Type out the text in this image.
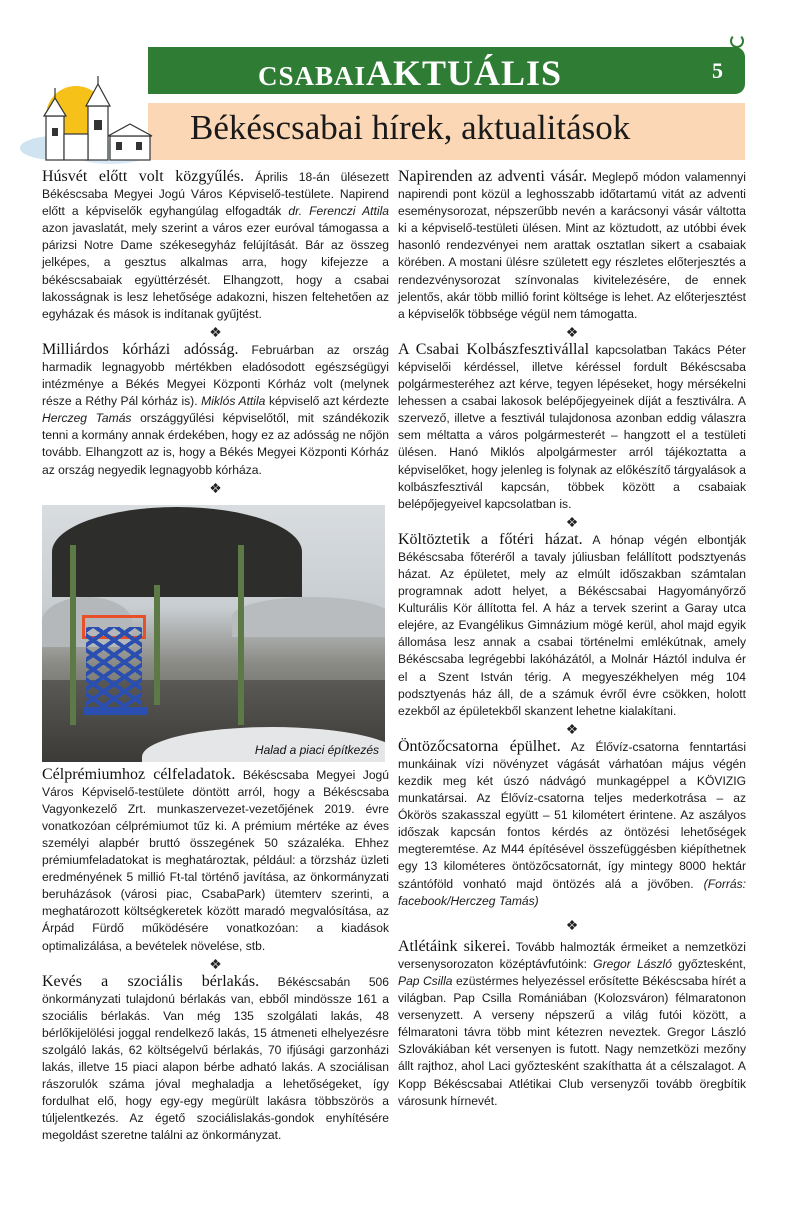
CSABAIAKTUÁLIS	5
Békéscsabai hírek, aktualitások
Húsvét előtt volt közgyűlés. Április 18-án ülésezett Békéscsaba Megyei Jogú Város Képviselő-testülete. Napirend előtt a képviselők egyhangúlag elfogadták dr. Ferenczi Attila azon javaslatát, mely szerint a város ezer euróval támogassa a párizsi Notre Dame székesegyház felújítását. Bár az összeg jelképes, a gesztus alkalmas arra, hogy kifejezze a békéscsabaiak együttérzését. Elhangzott, hogy a csabai lakosságnak is lesz lehetősége adakozni, hiszen feltehetően az egyházak és mások is indítanak gyűjtést.
❖
Milliárdos kórházi adósság. Februárban az ország harmadik legnagyobb mértékben eladósodott egészségügyi intézménye a Békés Megyei Központi Kórház volt (melynek része a Réthy Pál kórház is). Miklós Attila képviselő azt kérdezte Herczeg Tamás országgyűlési képviselőtől, mit szándékozik tenni a kormány annak érdekében, hogy ez az adósság ne nőjön tovább. Elhangzott az is, hogy a Békés Megyei Központi Kórház az ország negyedik legnagyobb kórháza.
❖
Halad a piaci építkezés
Célprémiumhoz célfeladatok. Békéscsaba Megyei Jogú Város Képviselő-testülete döntött arról, hogy a Békéscsaba Vagyonkezelő Zrt. munkaszervezet-vezetőjének 2019. évre vonatkozóan célprémiumot tűz ki. A prémium mértéke az éves személyi alapbér bruttó összegének 50 százaléka. Ehhez prémiumfeladatokat is meghatároztak, például: a törzsház üzleti eredményének 5 millió Ft-tal történő javítása, az önkormányzati beruházások (városi piac, CsabaPark) ütemterv szerinti, a meghatározott költségkeretek között maradó megvalósítása, az Árpád Fürdő működésére vonatkozóan: a kiadások optimalizálása, a bevételek növelése, stb.
❖
Kevés a szociális bérlakás. Békéscsabán 506 önkormányzati tulajdonú bérlakás van, ebből mindössze 161 a szociális bérlakás. Van még 135 szolgálati lakás, 48 bérlőkijelölési joggal rendelkező lakás, 15 átmeneti elhelyezésre szolgáló lakás, 62 költségelvű bérlakás, 70 ifjúsági garzonházi lakás, illetve 15 piaci alapon bérbe adható lakás. A szociálisan rászorulók száma jóval meghaladja a lehetőségeket, így fordulhat elő, hogy egy-egy megürült lakásra többszörös a túljelentkezés. Az égető szociálislakás-gondok enyhítésére megoldást szeretne találni az önkormányzat.
Napirenden az adventi vásár. Meglepő módon valamennyi napirendi pont közül a leghosszabb időtartamú vitát az adventi eseménysorozat, népszerűbb nevén a karácsonyi vásár váltotta ki a képviselő-testületi ülésen. Mint az köztudott, az utóbbi évek hasonló rendezvényei nem arattak osztatlan sikert a csabaiak körében. A mostani ülésre született egy részletes előterjesztés a rendezvénysorozat színvonalas kivitelezésére, de ennek jelentős, akár több millió forint költsége is lehet. Az előterjesztést a képviselők többsége végül nem támogatta.
❖
A Csabai Kolbászfesztivállal kapcsolatban Takács Péter képviselői kérdéssel, illetve kéréssel fordult Békéscsaba polgármesteréhez azt kérve, tegyen lépéseket, hogy mérsékelni lehessen a csabai lakosok belépőjegyeinek díját a fesztiválra. A szervező, illetve a fesztivál tulajdonosa azonban eddig válaszra sem méltatta a város polgármesterét – hangzott el a testületi ülésen. Hanó Miklós alpolgármester arról tájékoztatta a képviselőket, hogy jelenleg is folynak az előkészítő tárgyalások a kolbászfesztivál kapcsán, többek között a csabaiak belépőjegyeivel kapcsolatban is.
❖
Költöztetik a főtéri házat. A hónap végén elbontják Békéscsaba főteréről a tavaly júliusban felállított podsztyenás házat. Az épületet, mely az elmúlt időszakban számtalan programnak adott helyet, a Békéscsabai Hagyományőrző Kulturális Kör állította fel. A ház a tervek szerint a Garay utca elejére, az Evangélikus Gimnázium mögé kerül, ahol majd egyik állomása lesz annak a csabai történelmi emlékútnak, amely Békéscsaba legrégebbi lakóházától, a Molnár Háztól indulva ér el a Szent István térig. A megyeszékhelyen még 104 podsztyenás ház áll, de a számuk évről évre csökken, holott ezekből az épületekből skanzent lehetne kialakítani.
❖
Öntözőcsatorna épülhet. Az Élővíz-csatorna fenntartási munkáinak vízi növényzet vágását várhatóan május végén kezdik meg két úszó nádvágó munkagéppel a KÖVIZIG munkatársai. Az Élővíz-csatorna teljes mederkotrása – az Ókörös szakasszal együtt – 51 kilométert érintene. Az aszályos időszak kapcsán fontos kérdés az öntözési lehetőségek megteremtése. Az M44 építésével összefüggésben kiépíthetnek egy 13 kilométeres öntözőcsatornát, így mintegy 8000 hektár szántóföld vonható majd öntözés alá a jövőben. (Forrás: facebook/Herczeg Tamás)
❖
Atlétáink sikerei. Tovább halmozták érmeiket a nemzetközi versenysorozaton középtávfutóink: Gregor László győztesként, Pap Csilla ezüstérmes helyezéssel erősítette Békéscsaba hírét a világban. Pap Csilla Romániában (Kolozsváron) félmaratonon versenyzett. A verseny népszerű a világ futói között, a félmaratoni távra több mint kétezren neveztek. Gregor László Szlovákiában két versenyen is futott. Nagy nemzetközi mezőny állt rajthoz, ahol Laci győztesként szakíthatta át a célszalagot. A Kopp Békéscsabai Atlétikai Club versenyzői tovább öregbítik városunk hírnevét.
